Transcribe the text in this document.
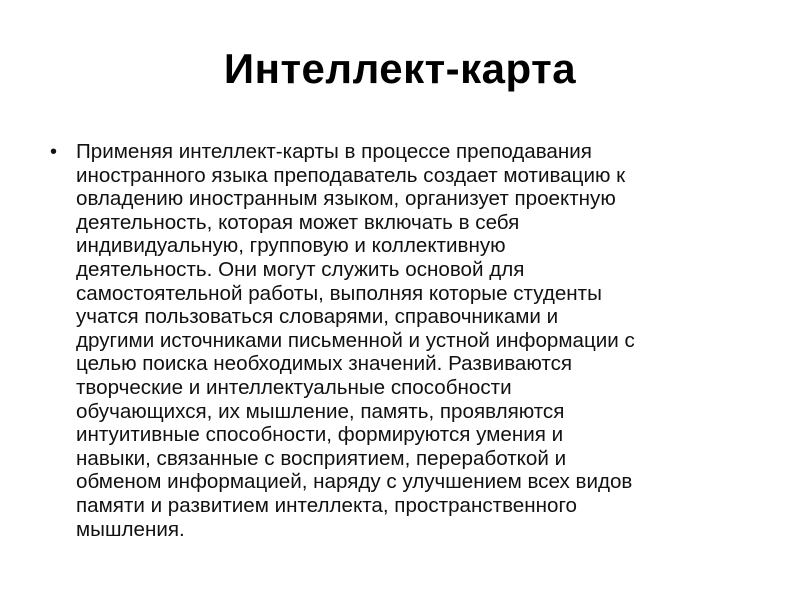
Интеллект-карта
• Применяя интеллект-карты в процессе преподавания
иностранного языка преподаватель создает мотивацию к
овладению иностранным языком, организует проектную
деятельность, которая может включать в себя
индивидуальную, групповую и коллективную
деятельность. Они могут служить основой для
самостоятельной работы, выполняя которые студенты
учатся пользоваться словарями, справочниками и
другими источниками письменной и устной информации с
целью поиска необходимых значений. Развиваются
творческие и интеллектуальные способности
обучающихся, их мышление, память, проявляются
интуитивные способности, формируются умения и
навыки, связанные с восприятием, переработкой и
обменом информацией, наряду с улучшением всех видов
памяти и развитием интеллекта, пространственного
мышления.
